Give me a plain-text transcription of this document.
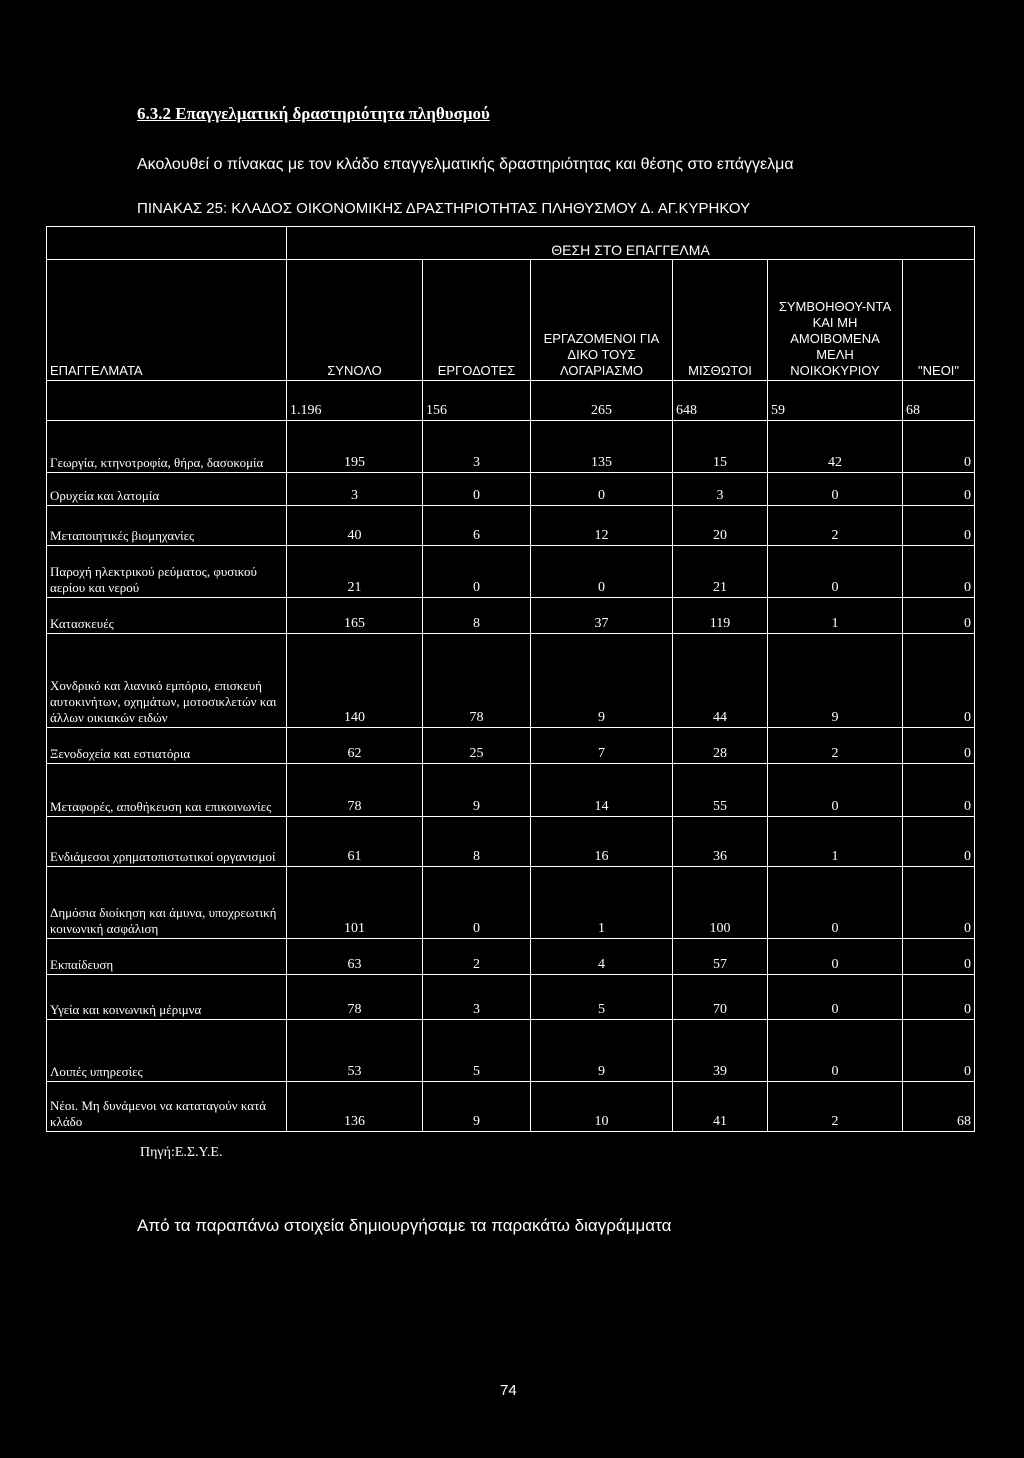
6.3.2 Επαγγελματική δραστηριότητα πληθυσμού
Ακολουθεί ο πίνακας με τον κλάδο επαγγελματικής δραστηριότητας και θέσης στο επάγγελμα
ΠΙΝΑΚΑΣ 25: ΚΛΑΔΟΣ ΟΙΚΟΝΟΜΙΚΗΣ ΔΡΑΣΤΗΡΙΟΤΗΤΑΣ ΠΛΗΘΥΣΜΟΥ Δ. ΑΓ.ΚΥΡΗΚΟΥ
	ΘΕΣΗ ΣΤΟ ΕΠΑΓΓΕΛΜΑ					
ΕΠΑΓΓΕΛΜΑΤΑ	ΣΥΝΟΛΟ	ΕΡΓΟΔΟΤΕΣ	ΕΡΓΑΖΟΜΕΝΟΙ ΓΙΑ ΔΙΚΟ ΤΟΥΣ ΛΟΓΑΡΙΑΣΜΟ	ΜΙΣΘΩΤΟΙ	ΣΥΜΒΟΗΘΟΥ-ΝΤΑ ΚΑΙ ΜΗ ΑΜΟΙΒΟΜΕΝΑ ΜΕΛΗ ΝΟΙΚΟΚΥΡΙΟΥ	"ΝΕΟΙ"
	1.196	156	265	648	59	68
Γεωργία, κτηνοτροφία, θήρα, δασοκομία	195	3	135	15	42	0
Ορυχεία και λατομία	3	0	0	3	0	0
Μεταποιητικές βιομηχανίες	40	6	12	20	2	0
Παροχή ηλεκτρικού ρεύματος, φυσικού αερίου και νερού	21	0	0	21	0	0
Κατασκευές	165	8	37	119	1	0
Χονδρικό και λιανικό εμπόριο, επισκευή αυτοκινήτων, οχημάτων, μοτοσικλετών και άλλων οικιακών ειδών	140	78	9	44	9	0
Ξενοδοχεία και εστιατόρια	62	25	7	28	2	0
Μεταφορές, αποθήκευση και επικοινωνίες	78	9	14	55	0	0
Ενδιάμεσοι χρηματοπιστωτικοί οργανισμοί	61	8	16	36	1	0
Δημόσια διοίκηση και άμυνα, υποχρεωτική κοινωνική ασφάλιση	101	0	1	100	0	0
Εκπαίδευση	63	2	4	57	0	0
Υγεία και κοινωνική μέριμνα	78	3	5	70	0	0
Λοιπές υπηρεσίες	53	5	9	39	0	0
Νέοι. Μη δυνάμενοι να καταταγούν κατά κλάδο	136	9	10	41	2	68
Πηγή:Ε.Σ.Υ.Ε.
Από τα παραπάνω στοιχεία δημιουργήσαμε τα παρακάτω διαγράμματα
74
